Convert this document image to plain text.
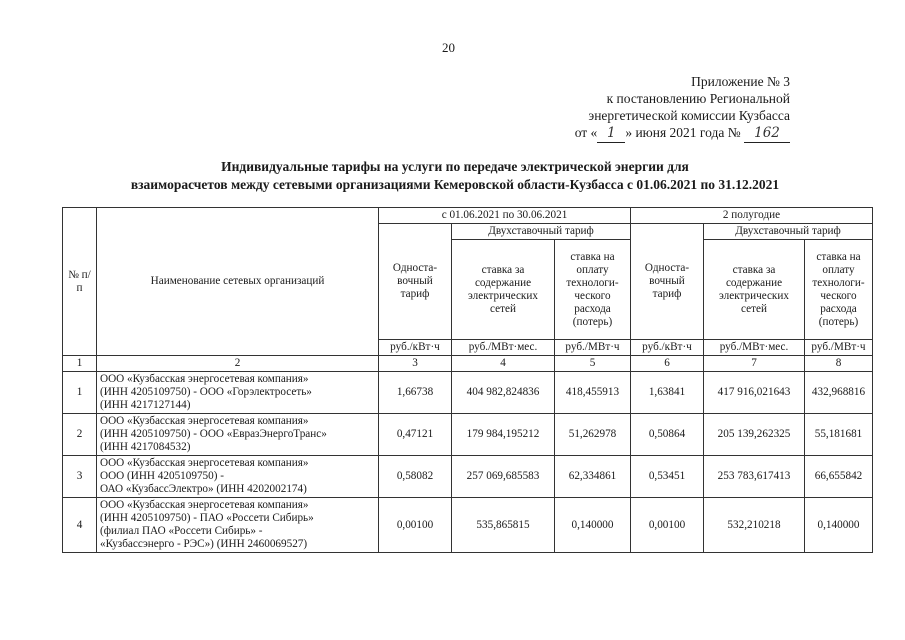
20
Приложение № 3
к постановлению Региональной
энергетической комиссии Кузбасса
от « 1 » июня 2021 года № 162
Индивидуальные тарифы на услуги по передаче электрической энергии для
взаиморасчетов между сетевыми организациями Кемеровской области-Кузбасса с 01.06.2021 по 31.12.2021
№ п/п	Наименование сетевых организаций	с 01.06.2021 по 30.06.2021			2 полугодие		
		Односта-вочный тариф	Двухставочный тариф		Односта-вочный тариф	Двухставочный тариф	
			ставка за содержание электрических сетей	ставка на оплату технологи-ческого расхода (потерь)		ставка за содержание электрических сетей	ставка на оплату технологи-ческого расхода (потерь)
		руб./кВт·ч	руб./МВт·мес.	руб./МВт·ч	руб./кВт·ч	руб./МВт·мес.	руб./МВт·ч
1	2	3	4	5	6	7	8
1	ООО «Кузбасская энергосетевая компания»
(ИНН 4205109750) - ООО «Горэлектросеть»
(ИНН 4217127144)	1,66738	404 982,824836	418,455913	1,63841	417 916,021643	432,968816
2	ООО «Кузбасская энергосетевая компания»
(ИНН 4205109750) - ООО «ЕвразЭнергоТранс»
(ИНН 4217084532)	0,47121	179 984,195212	51,262978	0,50864	205 139,262325	55,181681
3	ООО «Кузбасская энергосетевая компания»
ООО (ИНН 4205109750) -
ОАО «КузбассЭлектро» (ИНН 4202002174)	0,58082	257 069,685583	62,334861	0,53451	253 783,617413	66,655842
4	ООО «Кузбасская энергосетевая компания»
(ИНН 4205109750) - ПАО «Россети Сибирь»
(филиал ПАО «Россети Сибирь» -
«Кузбассэнерго - РЭС») (ИНН 2460069527)	0,00100	535,865815	0,140000	0,00100	532,210218	0,140000
